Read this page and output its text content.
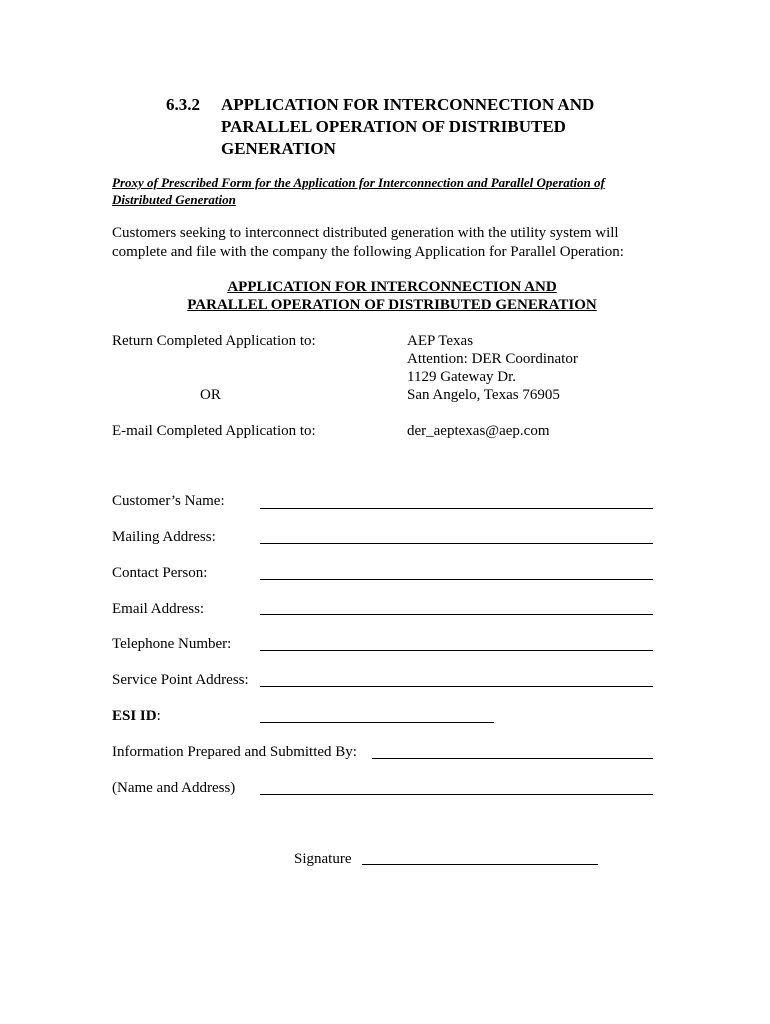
6.3.2 APPLICATION FOR INTERCONNECTION AND
PARALLEL OPERATION OF DISTRIBUTED
GENERATION
Proxy of Prescribed Form for the Application for Interconnection and Parallel Operation of
Distributed Generation
Customers seeking to interconnect distributed generation with the utility system will
complete and file with the company the following Application for Parallel Operation:
APPLICATION FOR INTERCONNECTION AND
PARALLEL OPERATION OF DISTRIBUTED GENERATION
Return Completed Application to:	AEP Texas
Attention: DER Coordinator
1129 Gateway Dr.
San Angelo, Texas 76905
OR
E-mail Completed Application to:	der_aeptexas@aep.com
Customer’s Name:
Mailing Address:
Contact Person:
Email Address:
Telephone Number:
Service Point Address:
ESI ID:
Information Prepared and Submitted By:
(Name and Address)
Signature
